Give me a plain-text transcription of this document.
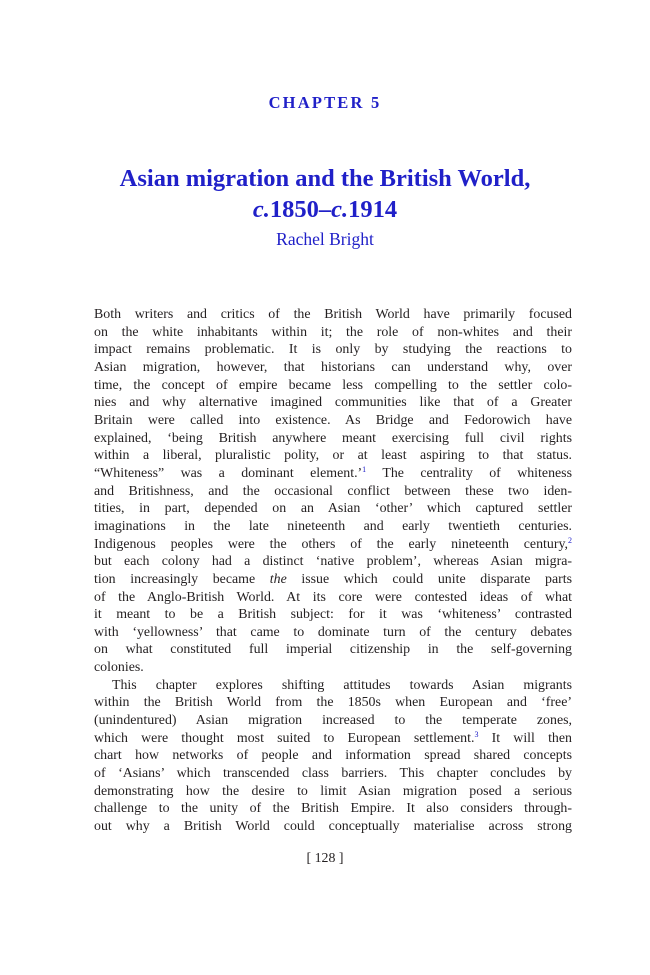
CHAPTER 5
Asian migration and the British World,
c.1850–c.1914
Rachel Bright
Both writers and critics of the British World have primarily focused
on the white inhabitants within it; the role of non-whites and their
impact remains problematic. It is only by studying the reactions to
Asian migration, however, that historians can understand why, over
time, the concept of empire became less compelling to the settler colo-
nies and why alternative imagined communities like that of a Greater
Britain were called into existence. As Bridge and Fedorowich have
explained, ‘being British anywhere meant exercising full civil rights
within a liberal, pluralistic polity, or at least aspiring to that status.
“Whiteness” was a dominant element.’$^1$ The centrality of whiteness
and Britishness, and the occasional conflict between these two iden-
tities, in part, depended on an Asian ‘other’ which captured settler
imaginations in the late nineteenth and early twentieth centuries.
Indigenous peoples were the others of the early nineteenth century,$^2$
but each colony had a distinct ‘native problem’, whereas Asian migra-
tion increasingly became the issue which could unite disparate parts
of the Anglo-British World. At its core were contested ideas of what
it meant to be a British subject: for it was ‘whiteness’ contrasted
with ‘yellowness’ that came to dominate turn of the century debates
on what constituted full imperial citizenship in the self-governing
colonies.
This chapter explores shifting attitudes towards Asian migrants
within the British World from the 1850s when European and ‘free’
(unindentured) Asian migration increased to the temperate zones,
which were thought most suited to European settlement.$^3$ It will then
chart how networks of people and information spread shared concepts
of ‘Asians’ which transcended class barriers. This chapter concludes by
demonstrating how the desire to limit Asian migration posed a serious
challenge to the unity of the British Empire. It also considers through-
out why a British World could conceptually materialise across strong
[ 128 ]
